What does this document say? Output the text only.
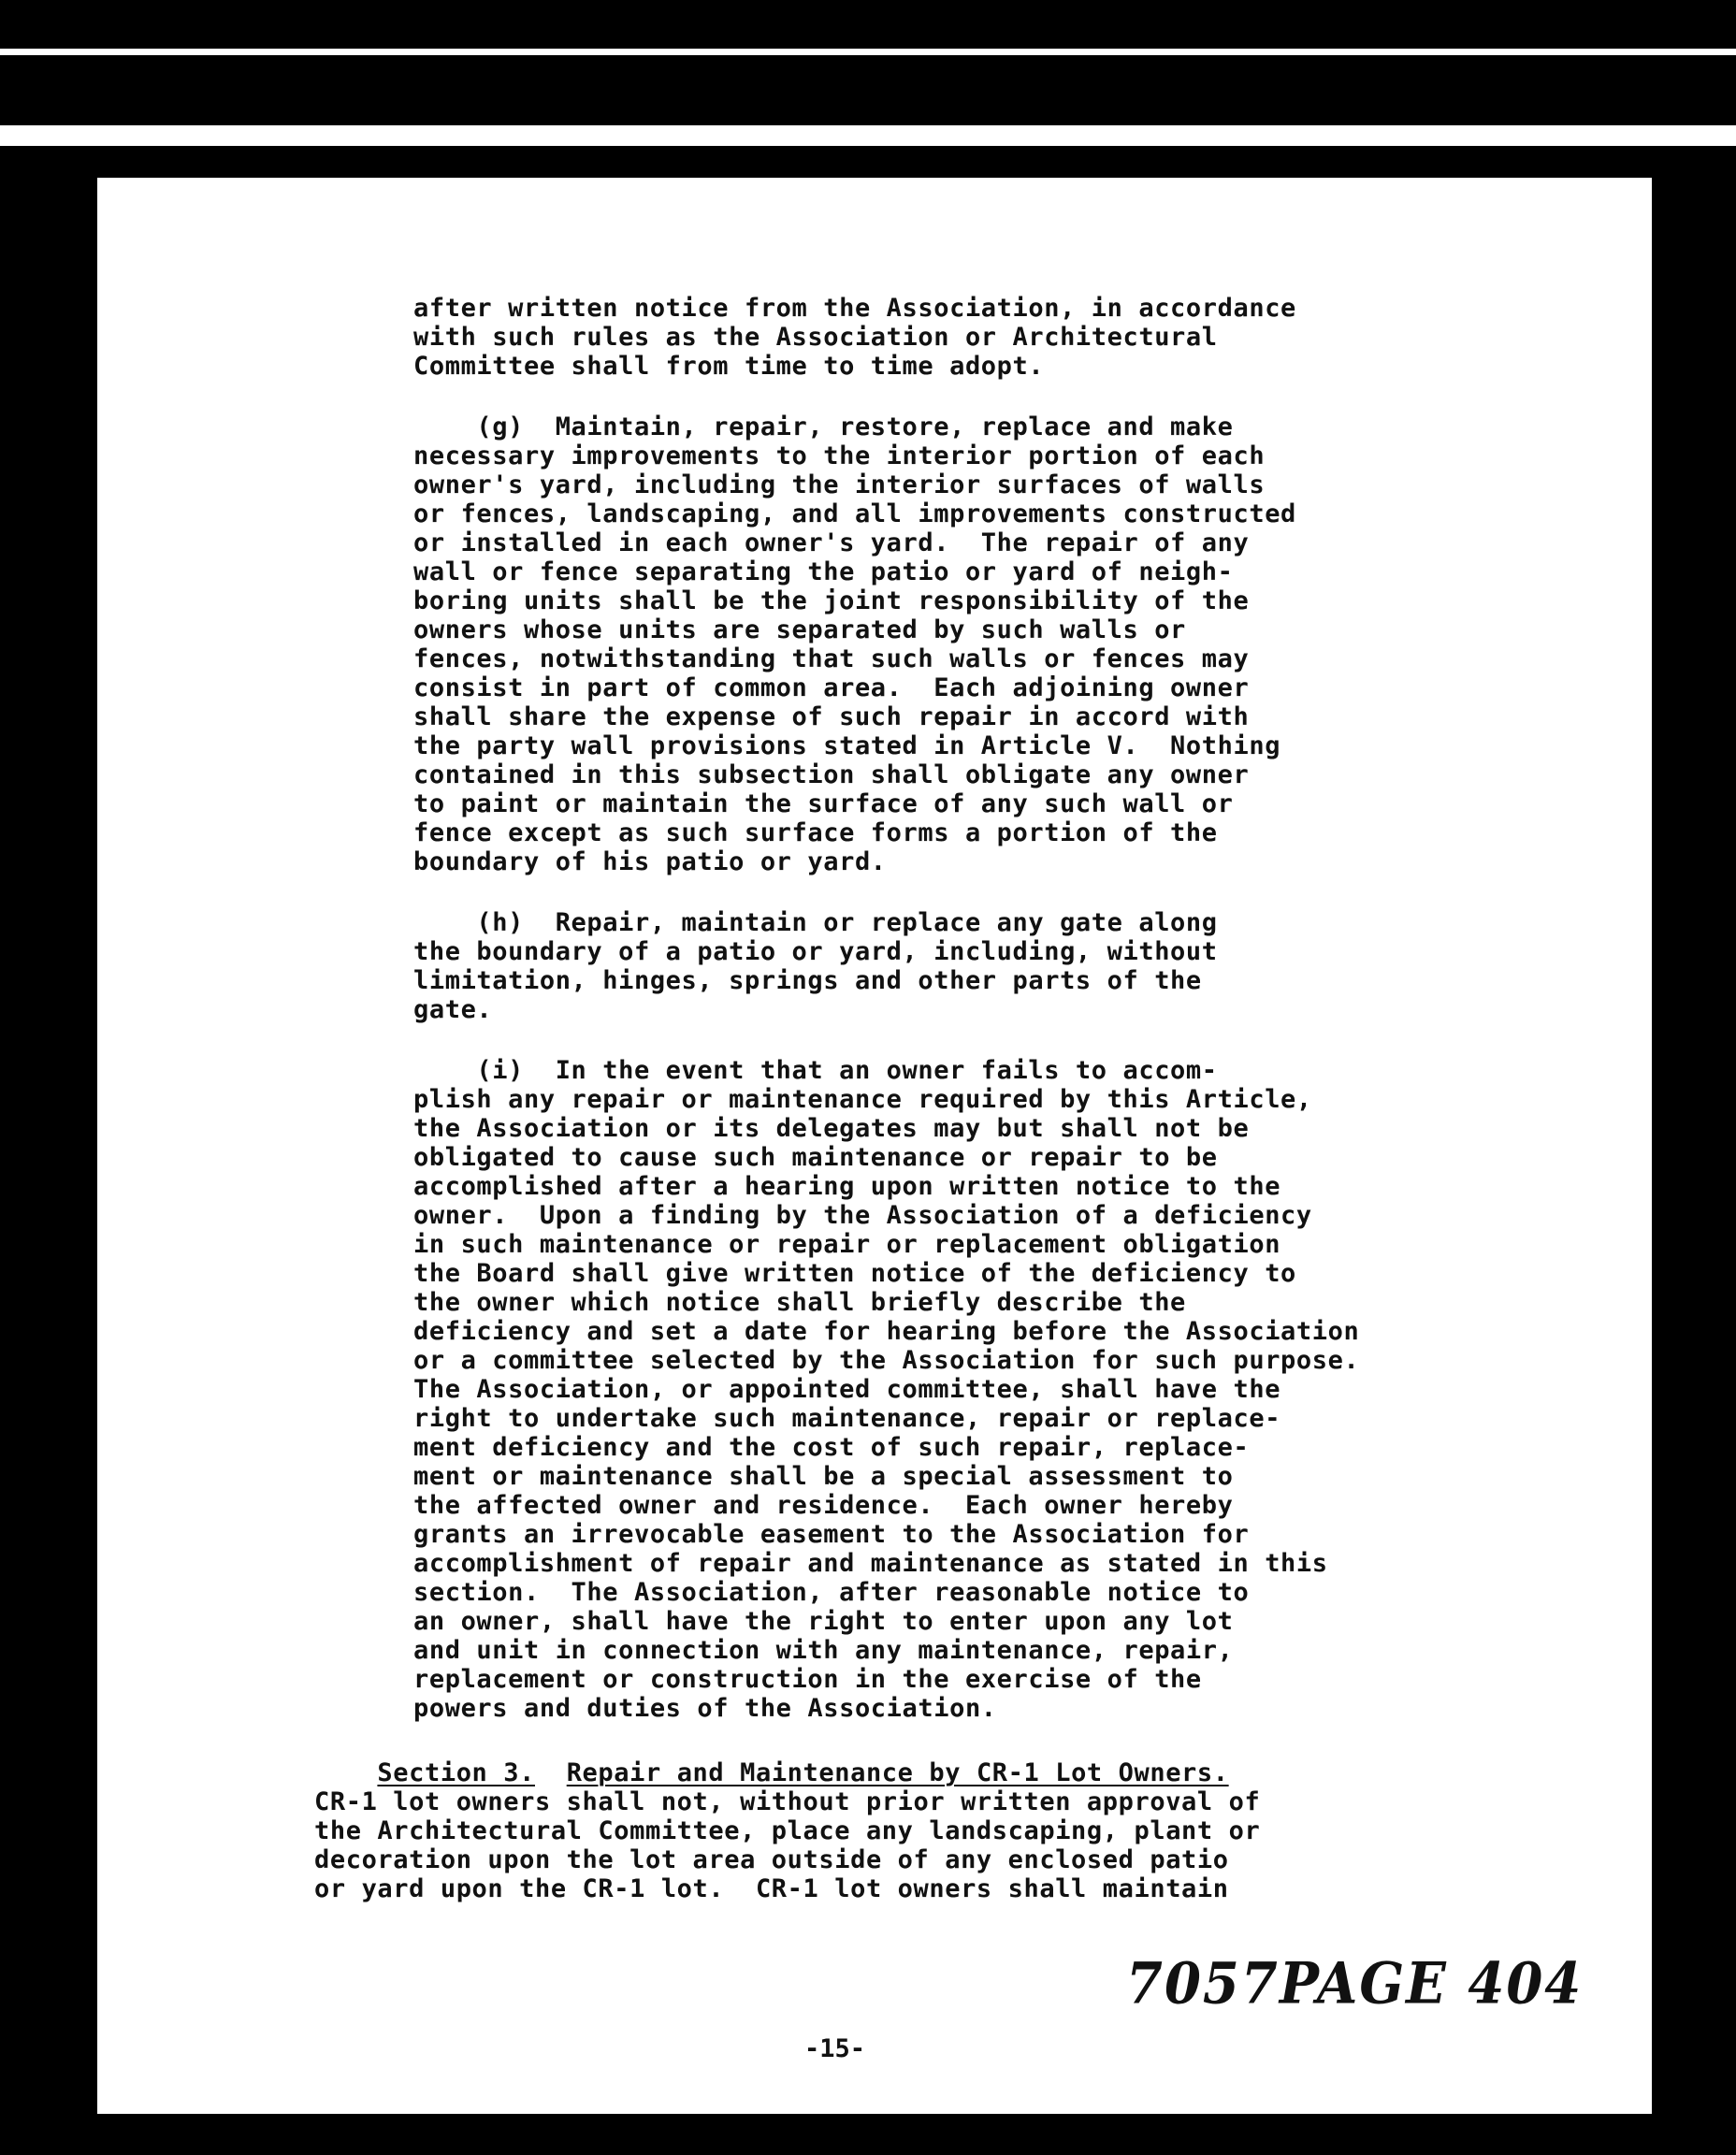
after written notice from the Association, in accordance
with such rules as the Association or Architectural
Committee shall from time to time adopt.
(g)  Maintain, repair, restore, replace and make
necessary improvements to the interior portion of each
owner's yard, including the interior surfaces of walls
or fences, landscaping, and all improvements constructed
or installed in each owner's yard.  The repair of any
wall or fence separating the patio or yard of neigh-
boring units shall be the joint responsibility of the
owners whose units are separated by such walls or
fences, notwithstanding that such walls or fences may
consist in part of common area.  Each adjoining owner
shall share the expense of such repair in accord with
the party wall provisions stated in Article V.  Nothing
contained in this subsection shall obligate any owner
to paint or maintain the surface of any such wall or
fence except as such surface forms a portion of the
boundary of his patio or yard.
(h)  Repair, maintain or replace any gate along
the boundary of a patio or yard, including, without
limitation, hinges, springs and other parts of the
gate.
(i)  In the event that an owner fails to accom-
plish any repair or maintenance required by this Article,
the Association or its delegates may but shall not be
obligated to cause such maintenance or repair to be
accomplished after a hearing upon written notice to the
owner.  Upon a finding by the Association of a deficiency
in such maintenance or repair or replacement obligation
the Board shall give written notice of the deficiency to
the owner which notice shall briefly describe the
deficiency and set a date for hearing before the Association
or a committee selected by the Association for such purpose.
The Association, or appointed committee, shall have the
right to undertake such maintenance, repair or replace-
ment deficiency and the cost of such repair, replace-
ment or maintenance shall be a special assessment to
the affected owner and residence.  Each owner hereby
grants an irrevocable easement to the Association for
accomplishment of repair and maintenance as stated in this
section.  The Association, after reasonable notice to
an owner, shall have the right to enter upon any lot
and unit in connection with any maintenance, repair,
replacement or construction in the exercise of the
powers and duties of the Association.
Section 3. Repair and Maintenance by CR-1 Lot Owners.
CR-1 lot owners shall not, without prior written approval of
the Architectural Committee, place any landscaping, plant or
decoration upon the lot area outside of any enclosed patio
or yard upon the CR-1 lot.  CR-1 lot owners shall maintain
7057PAGE 404
-15-
